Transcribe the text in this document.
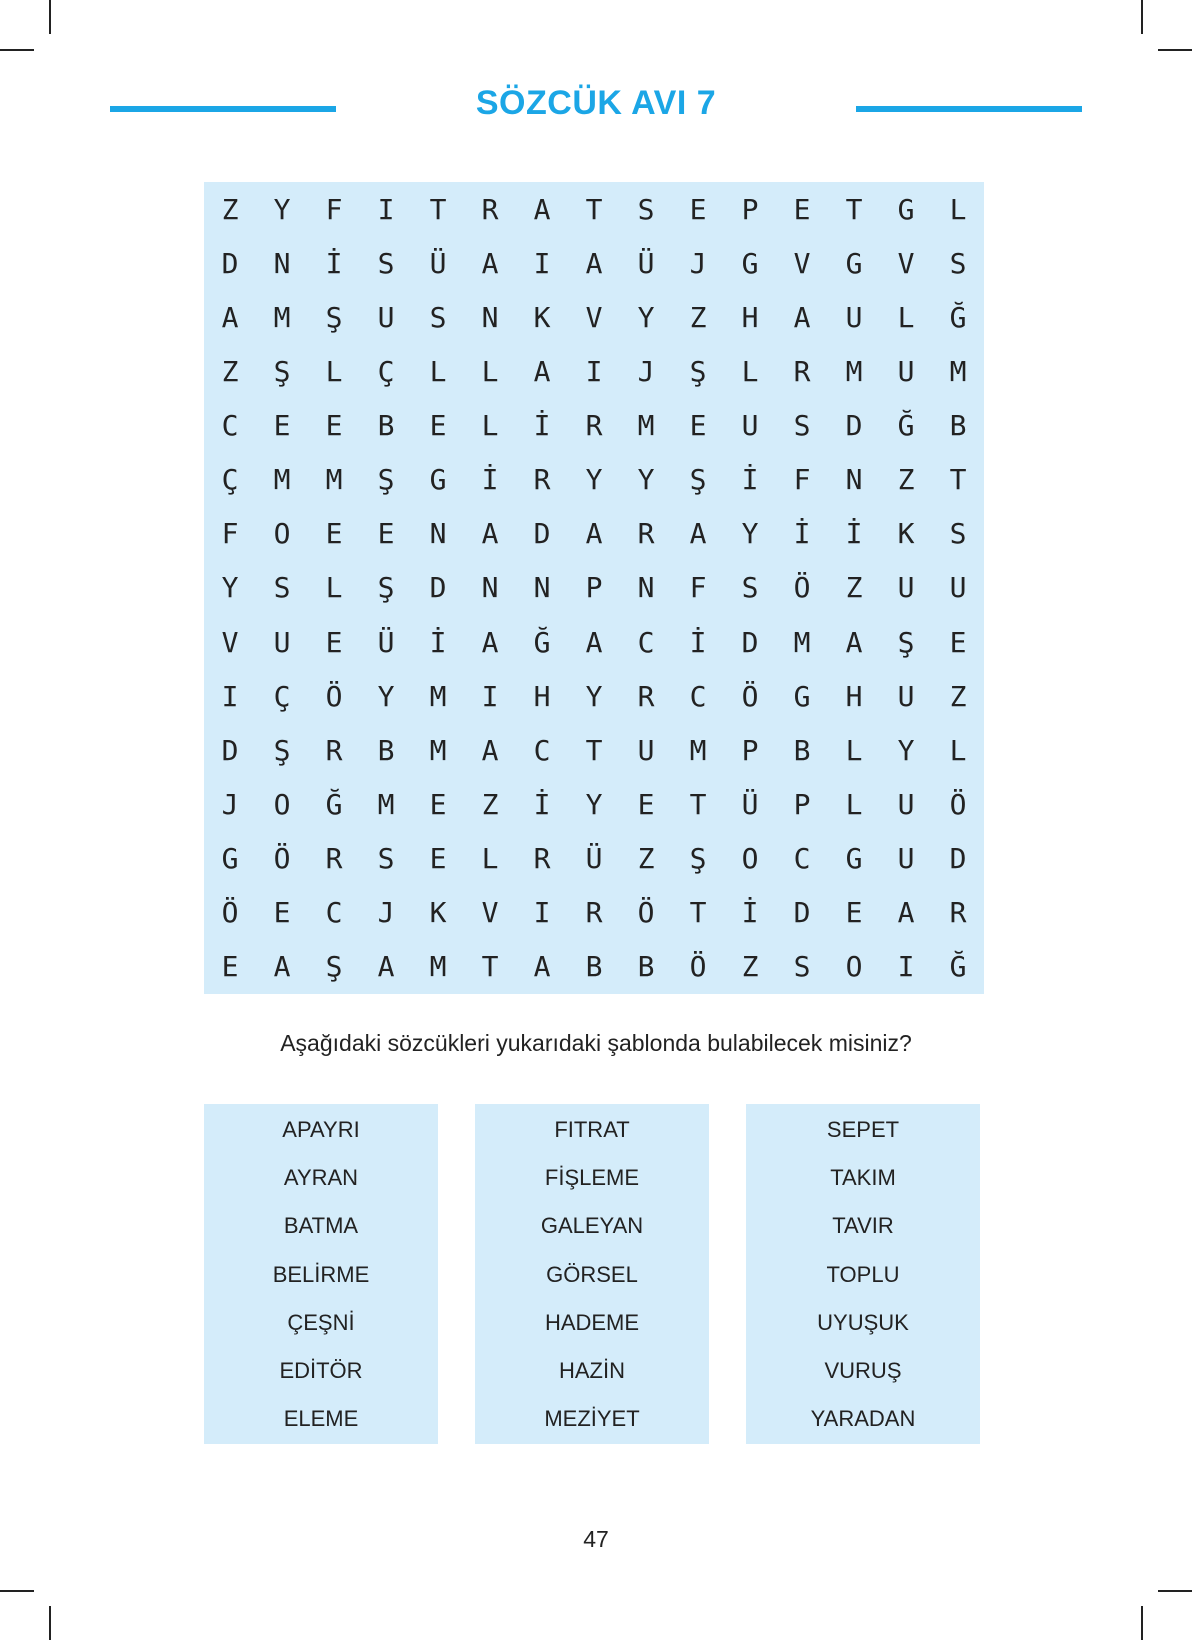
SÖZCÜK AVI 7
Z	Y	F	I	T	R	A	T	S	E	P	E	T	G	L
D	N	İ	S	Ü	A	I	A	Ü	J	G	V	G	V	S
A	M	Ş	U	S	N	K	V	Y	Z	H	A	U	L	Ğ
Z	Ş	L	Ç	L	L	A	I	J	Ş	L	R	M	U	M
C	E	E	B	E	L	İ	R	M	E	U	S	D	Ğ	B
Ç	M	M	Ş	G	İ	R	Y	Y	Ş	İ	F	N	Z	T
F	O	E	E	N	A	D	A	R	A	Y	İ	İ	K	S
Y	S	L	Ş	D	N	N	P	N	F	S	Ö	Z	U	U
V	U	E	Ü	İ	A	Ğ	A	C	İ	D	M	A	Ş	E
I	Ç	Ö	Y	M	I	H	Y	R	C	Ö	G	H	U	Z
D	Ş	R	B	M	A	C	T	U	M	P	B	L	Y	L
J	O	Ğ	M	E	Z	İ	Y	E	T	Ü	P	L	U	Ö
G	Ö	R	S	E	L	R	Ü	Z	Ş	O	C	G	U	D
Ö	E	C	J	K	V	I	R	Ö	T	İ	D	E	A	R
E	A	Ş	A	M	T	A	B	B	Ö	Z	S	O	I	Ğ
Aşağıdaki sözcükleri yukarıdaki şablonda bulabilecek misiniz?
APAYRI
AYRAN
BATMA
BELİRME
ÇEŞNİ
EDİTÖR
ELEME
FITRAT
FİŞLEME
GALEYAN
GÖRSEL
HADEME
HAZİN
MEZİYET
SEPET
TAKIM
TAVIR
TOPLU
UYUŞUK
VURUŞ
YARADAN
47
